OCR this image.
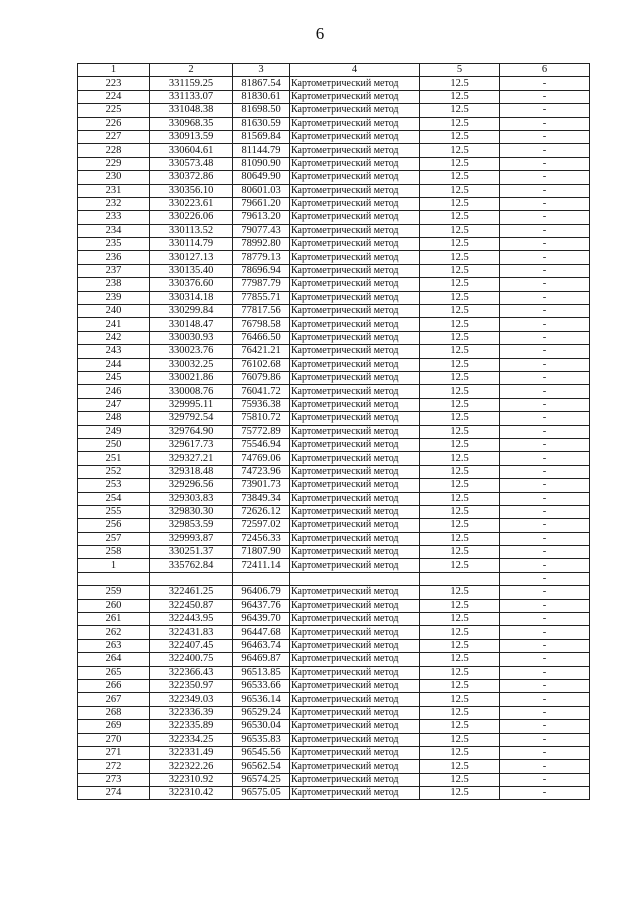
6
1	2	3	4	5	6
223	331159.25	81867.54	Картометрический метод	12.5	-
224	331133.07	81830.61	Картометрический метод	12.5	-
225	331048.38	81698.50	Картометрический метод	12.5	-
226	330968.35	81630.59	Картометрический метод	12.5	-
227	330913.59	81569.84	Картометрический метод	12.5	-
228	330604.61	81144.79	Картометрический метод	12.5	-
229	330573.48	81090.90	Картометрический метод	12.5	-
230	330372.86	80649.90	Картометрический метод	12.5	-
231	330356.10	80601.03	Картометрический метод	12.5	-
232	330223.61	79661.20	Картометрический метод	12.5	-
233	330226.06	79613.20	Картометрический метод	12.5	-
234	330113.52	79077.43	Картометрический метод	12.5	-
235	330114.79	78992.80	Картометрический метод	12.5	-
236	330127.13	78779.13	Картометрический метод	12.5	-
237	330135.40	78696.94	Картометрический метод	12.5	-
238	330376.60	77987.79	Картометрический метод	12.5	-
239	330314.18	77855.71	Картометрический метод	12.5	-
240	330299.84	77817.56	Картометрический метод	12.5	-
241	330148.47	76798.58	Картометрический метод	12.5	-
242	330030.93	76466.50	Картометрический метод	12.5	-
243	330023.76	76421.21	Картометрический метод	12.5	-
244	330032.25	76102.68	Картометрический метод	12.5	-
245	330021.86	76079.86	Картометрический метод	12.5	-
246	330008.76	76041.72	Картометрический метод	12.5	-
247	329995.11	75936.38	Картометрический метод	12.5	-
248	329792.54	75810.72	Картометрический метод	12.5	-
249	329764.90	75772.89	Картометрический метод	12.5	-
250	329617.73	75546.94	Картометрический метод	12.5	-
251	329327.21	74769.06	Картометрический метод	12.5	-
252	329318.48	74723.96	Картометрический метод	12.5	-
253	329296.56	73901.73	Картометрический метод	12.5	-
254	329303.83	73849.34	Картометрический метод	12.5	-
255	329830.30	72626.12	Картометрический метод	12.5	-
256	329853.59	72597.02	Картометрический метод	12.5	-
257	329993.87	72456.33	Картометрический метод	12.5	-
258	330251.37	71807.90	Картометрический метод	12.5	-
1	335762.84	72411.14	Картометрический метод	12.5	-
					-
259	322461.25	96406.79	Картометрический метод	12.5	-
260	322450.87	96437.76	Картометрический метод	12.5	-
261	322443.95	96439.70	Картометрический метод	12.5	-
262	322431.83	96447.68	Картометрический метод	12.5	-
263	322407.45	96463.74	Картометрический метод	12.5	-
264	322400.75	96469.87	Картометрический метод	12.5	-
265	322366.43	96513.85	Картометрический метод	12.5	-
266	322350.97	96533.66	Картометрический метод	12.5	-
267	322349.03	96536.14	Картометрический метод	12.5	-
268	322336.39	96529.24	Картометрический метод	12.5	-
269	322335.89	96530.04	Картометрический метод	12.5	-
270	322334.25	96535.83	Картометрический метод	12.5	-
271	322331.49	96545.56	Картометрический метод	12.5	-
272	322322.26	96562.54	Картометрический метод	12.5	-
273	322310.92	96574.25	Картометрический метод	12.5	-
274	322310.42	96575.05	Картометрический метод	12.5	-
